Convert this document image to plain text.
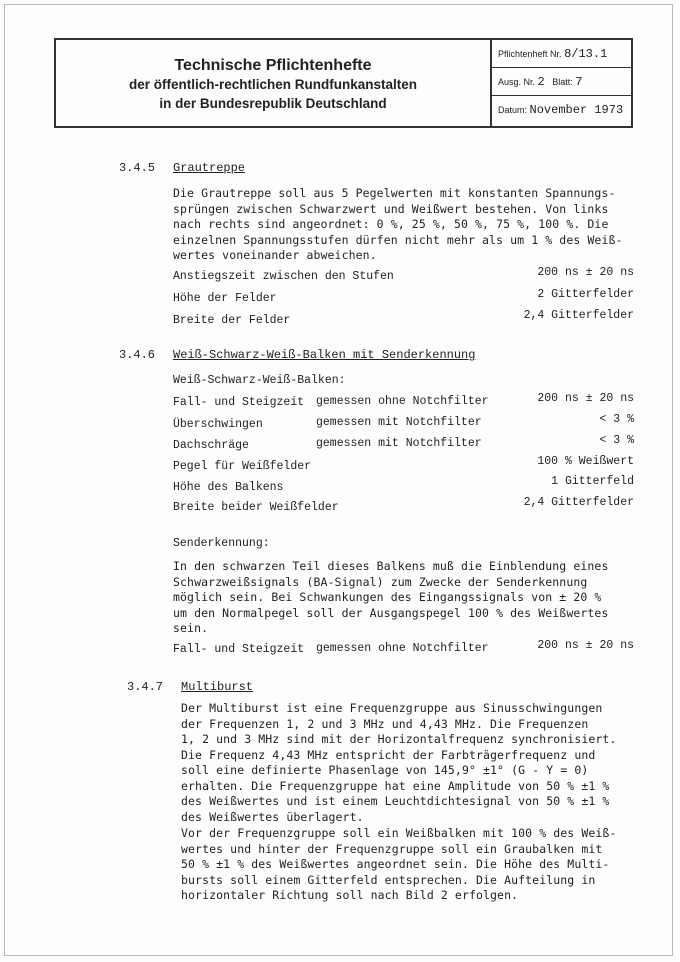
Technische Pflichtenhefte
der öffentlich-rechtlichen Rundfunkanstalten
in der Bundesrepublik Deutschland
Pflichtenheft Nr. 8/13.1
Ausg. Nr. 2 Blatt: 7
Datum: November 1973
3.4.5 Grautreppe
Die Grautreppe soll aus 5 Pegelwerten mit konstanten Spannungs-
sprüngen zwischen Schwarzwert und Weißwert bestehen. Von links
nach rechts sind angeordnet: 0 %, 25 %, 50 %, 75 %, 100 %. Die
einzelnen Spannungsstufen dürfen nicht mehr als um 1 % des Weiß-
wertes voneinander abweichen.
Anstiegszeit zwischen den Stufen	200 ns ± 20 ns
Höhe der Felder	2 Gitterfelder
Breite der Felder	2,4 Gitterfelder
3.4.6 Weiß-Schwarz-Weiß-Balken mit Senderkennung
Weiß-Schwarz-Weiß-Balken:
Fall- und Steigzeit gemessen ohne Notchfilter	200 ns ± 20 ns
Überschwingen	gemessen mit Notchfilter	< 3 %
Dachschräge	gemessen mit Notchfilter	< 3 %
Pegel für Weißfelder	100 % Weißwert
Höhe des Balkens	1 Gitterfeld
Breite beider Weißfelder	2,4 Gitterfelder
Senderkennung:
In den schwarzen Teil dieses Balkens muß die Einblendung eines
Schwarzweißsignals (BA-Signal) zum Zwecke der Senderkennung
möglich sein. Bei Schwankungen des Eingangssignals von ± 20 %
um den Normalpegel soll der Ausgangspegel 100 % des Weißwertes
sein.
Fall- und Steigzeit gemessen ohne Notchfilter	200 ns ± 20 ns
3.4.7 Multiburst
Der Multiburst ist eine Frequenzgruppe aus Sinusschwingungen
der Frequenzen 1, 2 und 3 MHz und 4,43 MHz. Die Frequenzen
1, 2 und 3 MHz sind mit der Horizontalfrequenz synchronisiert.
Die Frequenz 4,43 MHz entspricht der Farbträgerfrequenz und
soll eine definierte Phasenlage von 145,9° ±1° (G - Y = 0)
erhalten. Die Frequenzgruppe hat eine Amplitude von 50 % ±1 %
des Weißwertes und ist einem Leuchtdichtesignal von 50 % ±1 %
des Weißwertes überlagert.
Vor der Frequenzgruppe soll ein Weißbalken mit 100 % des Weiß-
wertes und hinter der Frequenzgruppe soll ein Graubalken mit
50 % ±1 % des Weißwertes angeordnet sein. Die Höhe des Multi-
bursts soll einem Gitterfeld entsprechen. Die Aufteilung in
horizontaler Richtung soll nach Bild 2 erfolgen.
